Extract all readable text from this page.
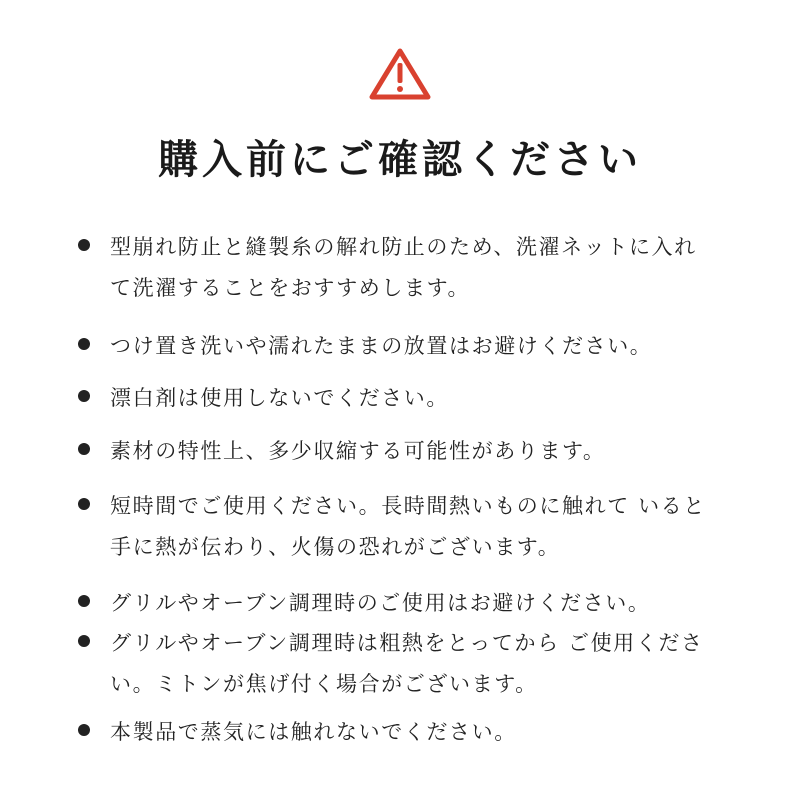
購入前にご確認ください
型崩れ防止と縫製糸の解れ防止のため、洗濯ネットに入れ
て洗濯することをおすすめします。
つけ置き洗いや濡れたままの放置はお避けください。
漂白剤は使用しないでください。
素材の特性上、多少収縮する可能性があります。
短時間でご使用ください。長時間熱いものに触れて いると
手に熱が伝わり、火傷の恐れがございます。
グリルやオーブン調理時のご使用はお避けください。
グリルやオーブン調理時は粗熱をとってから ご使用くださ
い。ミトンが焦げ付く場合がございます。
本製品で蒸気には触れないでください。
